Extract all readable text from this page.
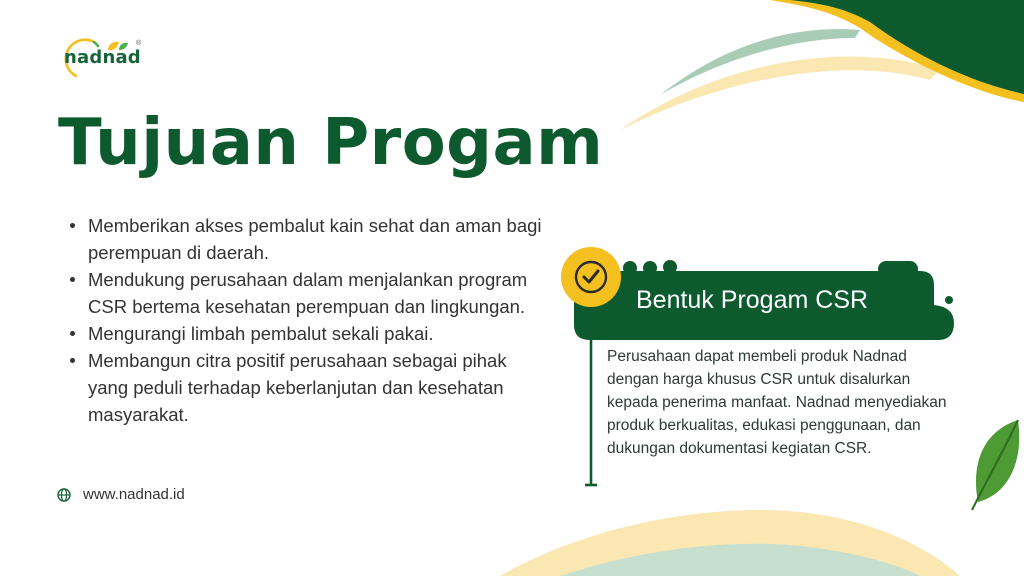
nadnad
®
Tujuan Progam
Memberikan akses pembalut kain sehat dan aman bagi perempuan di daerah.
Mendukung perusahaan dalam menjalankan program CSR bertema kesehatan perempuan dan lingkungan.
Mengurangi limbah pembalut sekali pakai.
Membangun citra positif perusahaan sebagai pihak yang peduli terhadap keberlanjutan dan kesehatan masyarakat.
www.nadnad.id
Bentuk Progam CSR

Perusahaan dapat membeli produk Nadnad dengan harga khusus CSR untuk disalurkan kepada penerima manfaat. Nadnad menyediakan produk berkualitas, edukasi penggunaan, dan dukungan dokumentasi kegiatan CSR.
